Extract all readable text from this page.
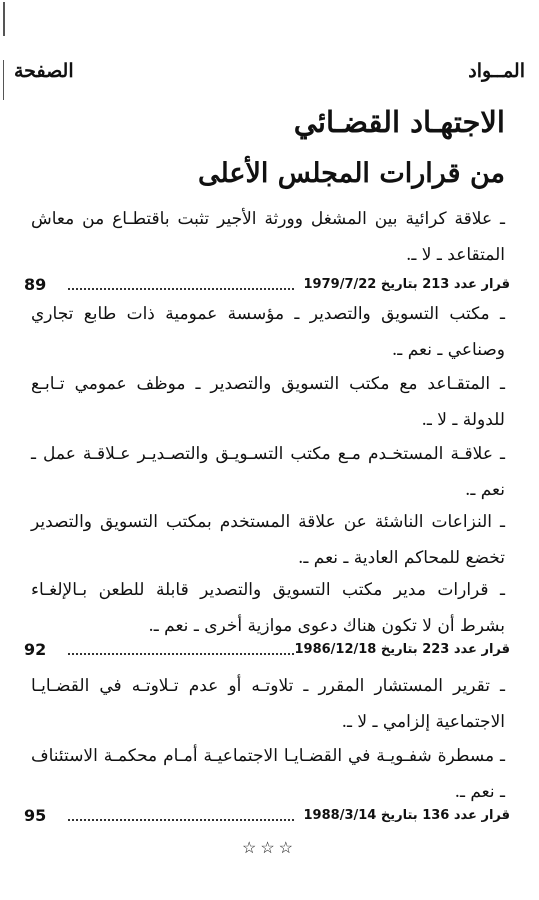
المــواد
الصفحة
الاجتهـاد القضـائي
من قرارات المجلس الأعلى
ـ علاقة كرائية بين المشغل وورثة الأجير تثبت باقتطـاع من معاش المتقاعد ـ لا ـ.
قرار عدد 213 بتاريخ 1979/7/22
89
ـ مكتب التسويق والتصدير ـ مؤسسة عمومية ذات طابع تجاري وصناعي ـ نعم ـ.
ـ المتقـاعد مع مكتب التسويق والتصدير ـ موظف عمومي تـابـع للدولة ـ لا ـ.
ـ علاقـة المستخـدم مـع مكتب التسـويـق والتصـديـر عـلاقـة عمل ـ نعم ـ.
ـ النزاعات الناشئة عن علاقة المستخدم بمكتب التسويق والتصدير تخضع للمحاكم العادية ـ نعم ـ.
ـ قرارات مدير مكتب التسويق والتصدير قابلة للطعن بـالإلغـاء بشرط أن لا تكون هناك دعوى موازية أخرى ـ نعم ـ.
قرار عدد 223 بتاريخ 1986/12/18
92
ـ تقرير المستشار المقرر ـ تلاوتـه أو عدم تـلاوتـه في القضـايـا الاجتماعية إلزامي ـ لا ـ.
ـ مسطرة شفـويـة في القضـايـا الاجتماعيـة أمـام محكمـة الاستئناف ـ نعم ـ.
قرار عدد 136 بتاريخ 1988/3/14
95
☆☆☆
